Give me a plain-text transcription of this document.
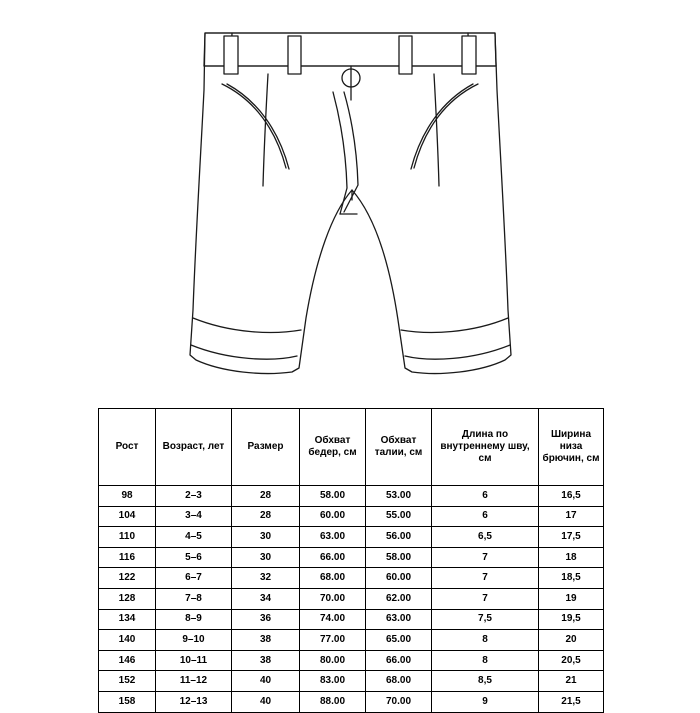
Рост	Возраст, лет	Размер	Обхват бедер, см	Обхват талии, см	Длина по внутреннему шву, см	Ширина низа брючин, см
98	2–3	28	58.00	53.00	6	16,5
104	3–4	28	60.00	55.00	6	17
110	4–5	30	63.00	56.00	6,5	17,5
116	5–6	30	66.00	58.00	7	18
122	6–7	32	68.00	60.00	7	18,5
128	7–8	34	70.00	62.00	7	19
134	8–9	36	74.00	63.00	7,5	19,5
140	9–10	38	77.00	65.00	8	20
146	10–11	38	80.00	66.00	8	20,5
152	11–12	40	83.00	68.00	8,5	21
158	12–13	40	88.00	70.00	9	21,5
